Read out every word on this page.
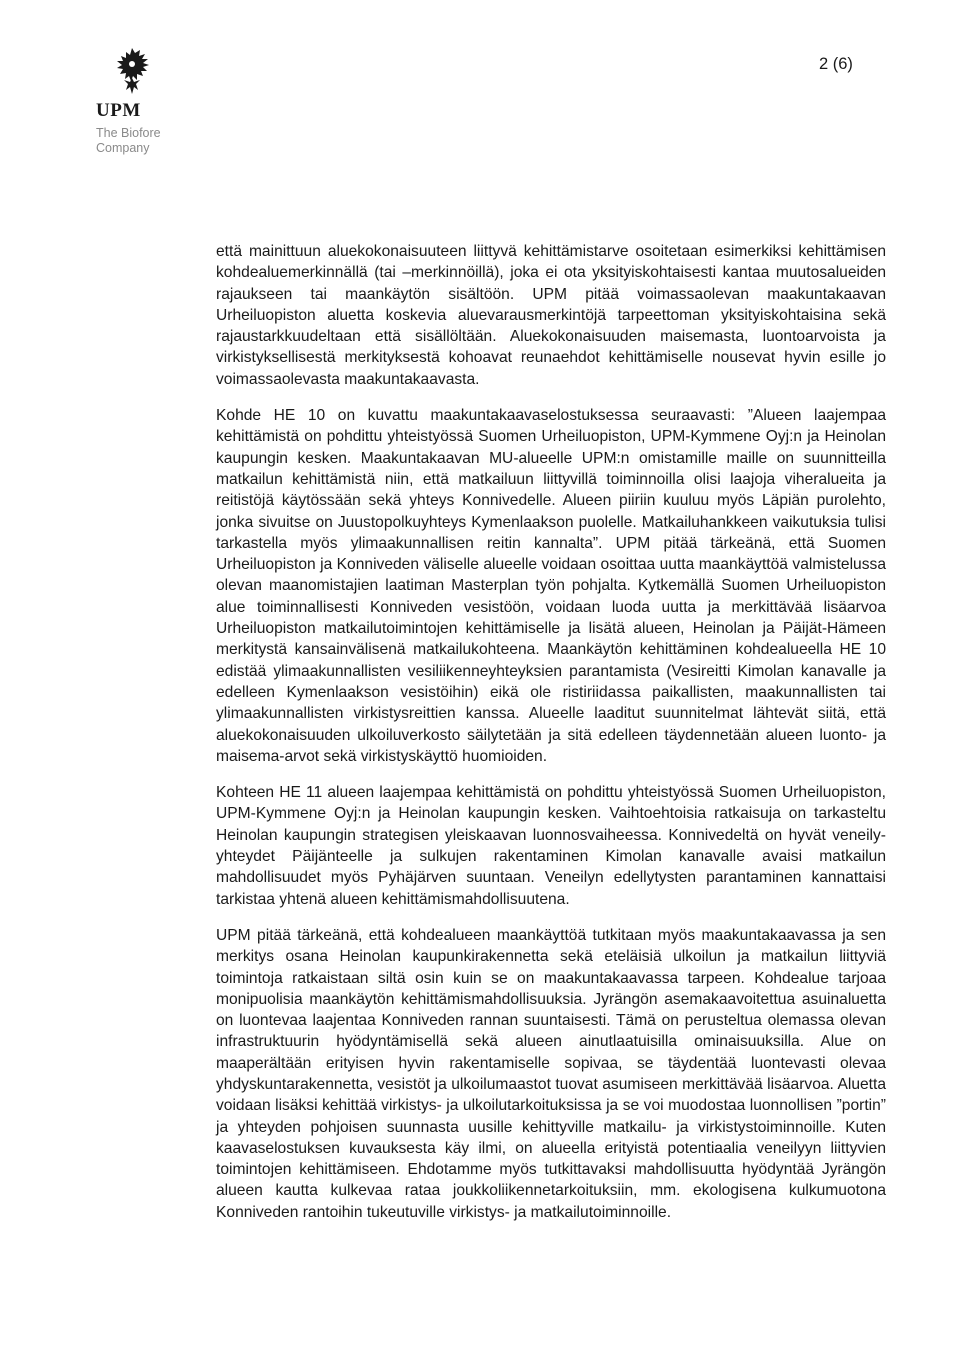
UPM
The Biofore
Company
2 (6)

että mainittuun aluekokonaisuuteen liittyvä kehittämistarve osoitetaan esimerkiksi kehittämisen kohdealuemerkinnällä (tai –merkinnöillä), joka ei ota yksityiskohtaisesti kantaa muutosalueiden rajaukseen tai maankäytön sisältöön. UPM pitää voimassaolevan maakuntakaavan Urheiluopiston aluetta koskevia aluevarausmerkintöjä tarpeettoman yksityiskohtaisina sekä rajaustarkkuudeltaan että sisällöltään. Aluekokonaisuuden maisemasta, luontoarvoista ja virkistyksellisestä merkityksestä kohoavat reunaehdot kehittämiselle nousevat hyvin esille jo voimassaolevasta maakuntakaavasta.

Kohde HE 10 on kuvattu maakuntakaavaselostuksessa seuraavasti: ”Alueen laajempaa kehittämistä on pohdittu yhteistyössä Suomen Urheiluopiston, UPM-Kymmene Oyj:n ja Heinolan kaupungin kesken. Maakuntakaavan MU-alueelle UPM:n omistamille maille on suunnitteilla matkailun kehittämistä niin, että matkailuun liittyvillä toiminnoilla olisi laajoja viheralueita ja reitistöjä käytössään sekä yhteys Konnivedelle. Alueen piiriin kuuluu myös Läpiän purolehto, jonka sivuitse on Juustopolkuyhteys Kymenlaakson puolelle. Matkailuhankkeen vaikutuksia tulisi tarkastella myös ylimaakunnallisen reitin kannalta”. UPM pitää tärkeänä, että Suomen Urheiluopiston ja Konniveden väliselle alueelle voidaan osoittaa uutta maankäyttöä valmistelussa olevan maanomistajien laatiman Masterplan työn pohjalta. Kytkemällä Suomen Urheiluopiston alue toiminnallisesti Konniveden vesistöön, voidaan luoda uutta ja merkittävää lisäarvoa Urheiluopiston matkailutoimintojen kehittämiselle ja lisätä alueen, Heinolan ja Päijät-Hämeen merkitystä kansainvälisenä matkailukohteena. Maankäytön kehittäminen kohdealueella HE 10 edistää ylimaakunnallisten vesiliikenneyhteyksien parantamista (Vesireitti Kimolan kanavalle ja edelleen Kymenlaakson vesistöihin) eikä ole ristiriidassa paikallisten, maakunnallisten tai ylimaakunnallisten virkistysreittien kanssa. Alueelle laaditut suunnitelmat lähtevät siitä, että aluekokonaisuuden ulkoiluverkosto säilytetään ja sitä edelleen täydennetään alueen luonto- ja maisema-arvot sekä virkistyskäyttö huomioiden.

Kohteen HE 11 alueen laajempaa kehittämistä on pohdittu yhteistyössä Suomen Urheiluopiston, UPM-Kymmene Oyj:n ja Heinolan kaupungin kesken. Vaihtoehtoisia ratkaisuja on tarkasteltu Heinolan kaupungin strategisen yleiskaavan luonnosvaiheessa. Konnivedeltä on hyvät veneily-yhteydet Päijänteelle ja sulkujen rakentaminen Kimolan kanavalle avaisi matkailun mahdollisuudet myös Pyhäjärven suuntaan. Veneilyn edellytysten parantaminen kannattaisi tarkistaa yhtenä alueen kehittämismahdollisuutena.

UPM pitää tärkeänä, että kohdealueen maankäyttöä tutkitaan myös maakuntakaavassa ja sen merkitys osana Heinolan kaupunkirakennetta sekä eteläisiä ulkoilun ja matkailun liittyviä toimintoja ratkaistaan siltä osin kuin se on maakuntakaavassa tarpeen. Kohdealue tarjoaa monipuolisia maankäytön kehittämismahdollisuuksia. Jyrängön asemakaavoitettua asuinaluetta on luontevaa laajentaa Konniveden rannan suuntaisesti. Tämä on perusteltua olemassa olevan infrastruktuurin hyödyntämisellä sekä alueen ainutlaatuisilla ominaisuuksilla. Alue on maaperältään erityisen hyvin rakentamiselle sopivaa, se täydentää luontevasti olevaa yhdyskuntarakennetta, vesistöt ja ulkoilumaastot tuovat asumiseen merkittävää lisäarvoa. Aluetta voidaan lisäksi kehittää virkistys- ja ulkoilutarkoituksissa ja se voi muodostaa luonnollisen ”portin” ja yhteyden pohjoisen suunnasta uusille kehittyville matkailu- ja virkistystoiminnoille. Kuten kaavaselostuksen kuvauksesta käy ilmi, on alueella erityistä potentiaalia veneilyyn liittyvien toimintojen kehittämiseen. Ehdotamme myös tutkittavaksi mahdollisuutta hyödyntää Jyrängön alueen kautta kulkevaa rataa joukkoliikennetarkoituksiin, mm. ekologisena kulkumuotona Konniveden rantoihin tukeutuville virkistys- ja matkailutoiminnoille.
